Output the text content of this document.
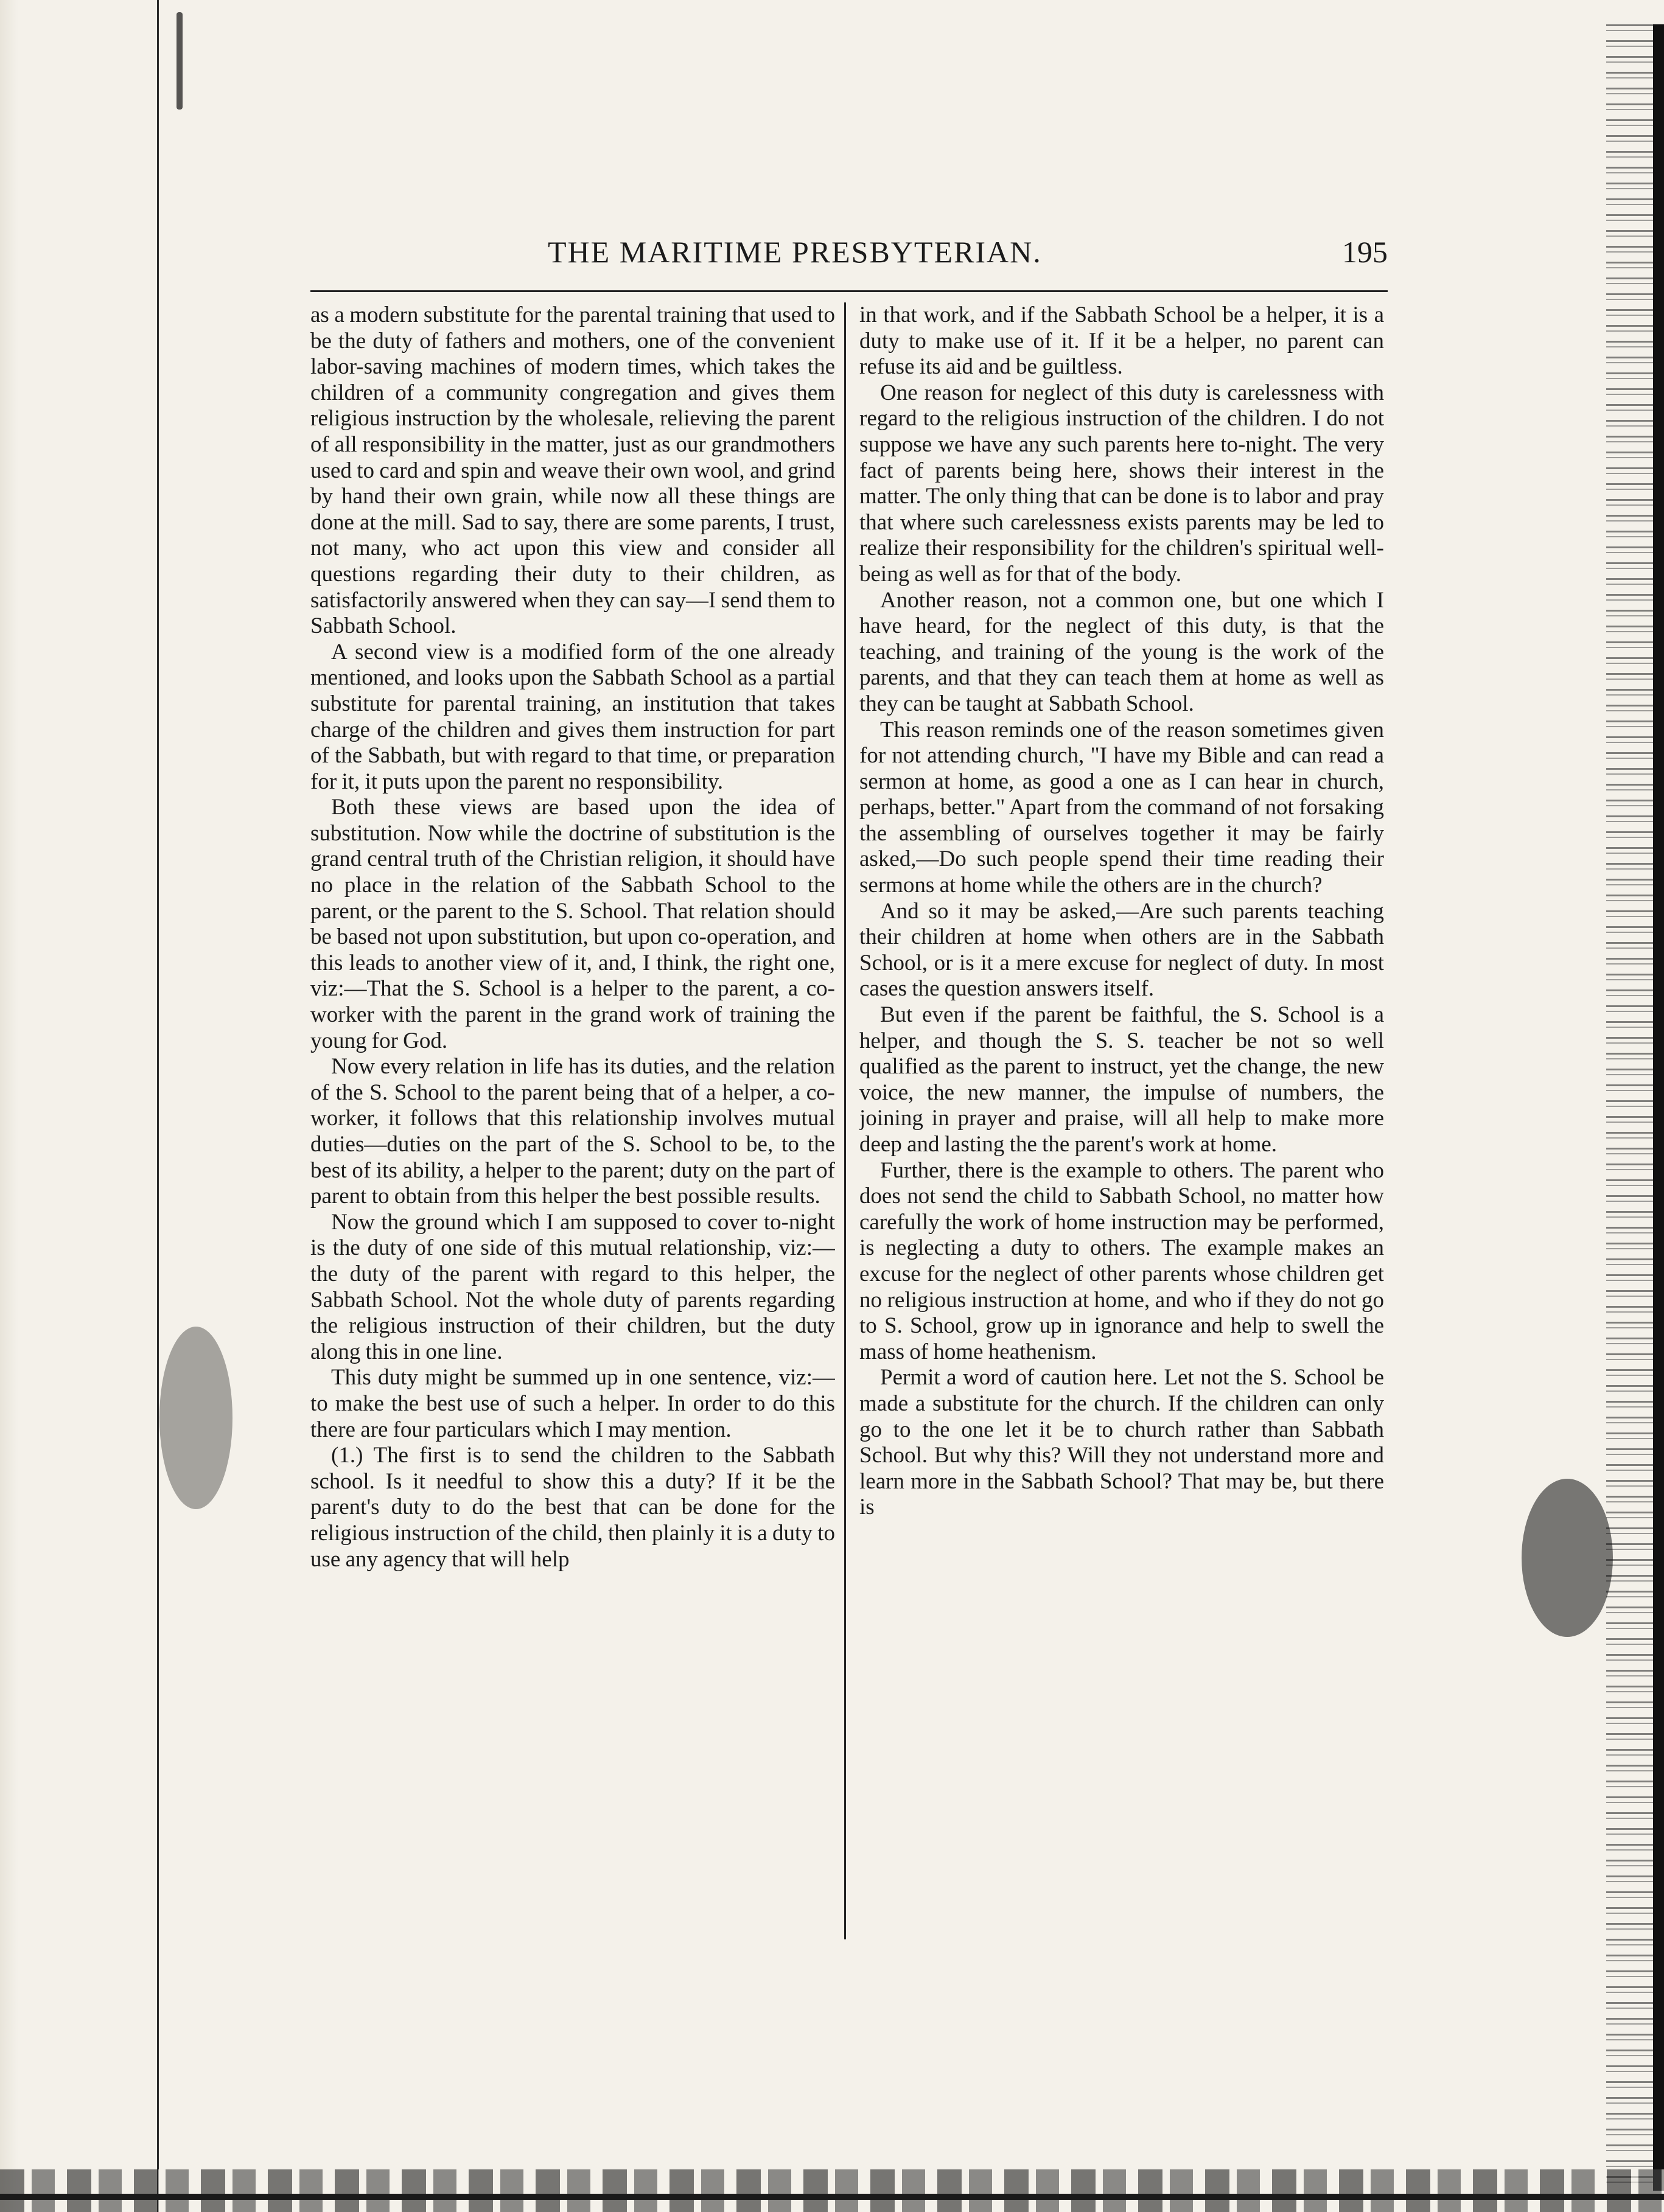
THE MARITIME PRESBYTERIAN.	195

as a modern substitute for the parental training that used to be the duty of fathers and mothers, one of the convenient labor-saving machines of modern times, which takes the children of a community congregation and gives them religious instruction by the wholesale, relieving the parent of all responsibility in the matter, just as our grandmothers used to card and spin and weave their own wool, and grind by hand their own grain, while now all these things are done at the mill. Sad to say, there are some parents, I trust, not many, who act upon this view and consider all questions regarding their duty to their children, as satisfactorily answered when they can say—I send them to Sabbath School.

A second view is a modified form of the one already mentioned, and looks upon the Sabbath School as a partial substitute for parental training, an institution that takes charge of the children and gives them instruction for part of the Sabbath, but with regard to that time, or preparation for it, it puts upon the parent no responsibility.

Both these views are based upon the idea of substitution. Now while the doctrine of substitution is the grand central truth of the Christian religion, it should have no place in the relation of the Sabbath School to the parent, or the parent to the S. School. That relation should be based not upon substitution, but upon co-operation, and this leads to another view of it, and, I think, the right one, viz:—That the S. School is a helper to the parent, a co-worker with the parent in the grand work of training the young for God.

Now every relation in life has its duties, and the relation of the S. School to the parent being that of a helper, a co-worker, it follows that this relationship involves mutual duties—duties on the part of the S. School to be, to the best of its ability, a helper to the parent; duty on the part of parent to obtain from this helper the best possible results.

Now the ground which I am supposed to cover to-night is the duty of one side of this mutual relationship, viz:—the duty of the parent with regard to this helper, the Sabbath School. Not the whole duty of parents regarding the religious instruction of their children, but the duty along this in one line.

This duty might be summed up in one sentence, viz:—to make the best use of such a helper. In order to do this there are four particulars which I may mention.

(1.) The first is to send the children to the Sabbath school. Is it needful to show this a duty? If it be the parent's duty to do the best that can be done for the religious instruction of the child, then plainly it is a duty to use any agency that will help

in that work, and if the Sabbath School be a helper, it is a duty to make use of it. If it be a helper, no parent can refuse its aid and be guiltless.

One reason for neglect of this duty is carelessness with regard to the religious instruction of the children. I do not suppose we have any such parents here to-night. The very fact of parents being here, shows their interest in the matter. The only thing that can be done is to labor and pray that where such carelessness exists parents may be led to realize their responsibility for the children's spiritual well-being as well as for that of the body.

Another reason, not a common one, but one which I have heard, for the neglect of this duty, is that the teaching, and training of the young is the work of the parents, and that they can teach them at home as well as they can be taught at Sabbath School.

This reason reminds one of the reason sometimes given for not attending church, "I have my Bible and can read a sermon at home, as good a one as I can hear in church, perhaps, better." Apart from the command of not forsaking the assembling of ourselves together it may be fairly asked,—Do such people spend their time reading their sermons at home while the others are in the church?

And so it may be asked,—Are such parents teaching their children at home when others are in the Sabbath School, or is it a mere excuse for neglect of duty. In most cases the question answers itself.

But even if the parent be faithful, the S. School is a helper, and though the S. S. teacher be not so well qualified as the parent to instruct, yet the change, the new voice, the new manner, the impulse of numbers, the joining in prayer and praise, will all help to make more deep and lasting the the parent's work at home.

Further, there is the example to others. The parent who does not send the child to Sabbath School, no matter how carefully the work of home instruction may be performed, is neglecting a duty to others. The example makes an excuse for the neglect of other parents whose children get no religious instruction at home, and who if they do not go to S. School, grow up in ignorance and help to swell the mass of home heathenism.

Permit a word of caution here. Let not the S. School be made a substitute for the church. If the children can only go to the one let it be to church rather than Sabbath School. But why this? Will they not understand more and learn more in the Sabbath School? That may be, but there is
